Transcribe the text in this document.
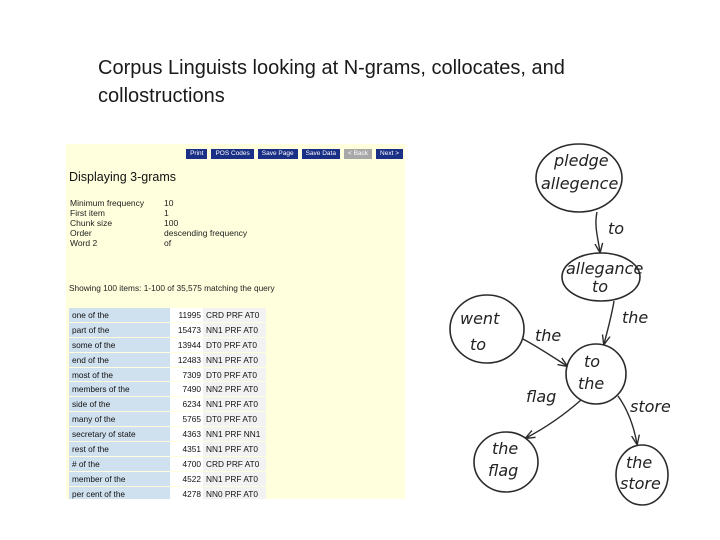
Corpus Linguists looking at N-grams, collocates, and collostructions
Print	POS Codes	Save Page	Save Data	< Back	Next >
Displaying 3-grams
Minimum frequency	10
First item	1
Chunk size	100
Order	descending frequency
Word 2	of
Showing 100 items: 1-100 of 35,575 matching the query
one of the	11995	CRD PRF AT0
part of the	15473	NN1 PRF AT0
some of the	13944	DT0 PRF AT0
end of the	12483	NN1 PRF AT0
most of the	7309	DT0 PRF AT0
members of the	7490	NN2 PRF AT0
side of the	6234	NN1 PRF AT0
many of the	5765	DT0 PRF AT0
secretary of state	4363	NN1 PRF NN1
rest of the	4351	NN1 PRF AT0
# of the	4700	CRD PRF AT0
member of the	4522	NN1 PRF AT0
per cent of the	4278	NN0 PRF AT0
pledge
allegence
allegance
to
went
to
to
the
the
flag	the
store
to
the
the
flag
store
